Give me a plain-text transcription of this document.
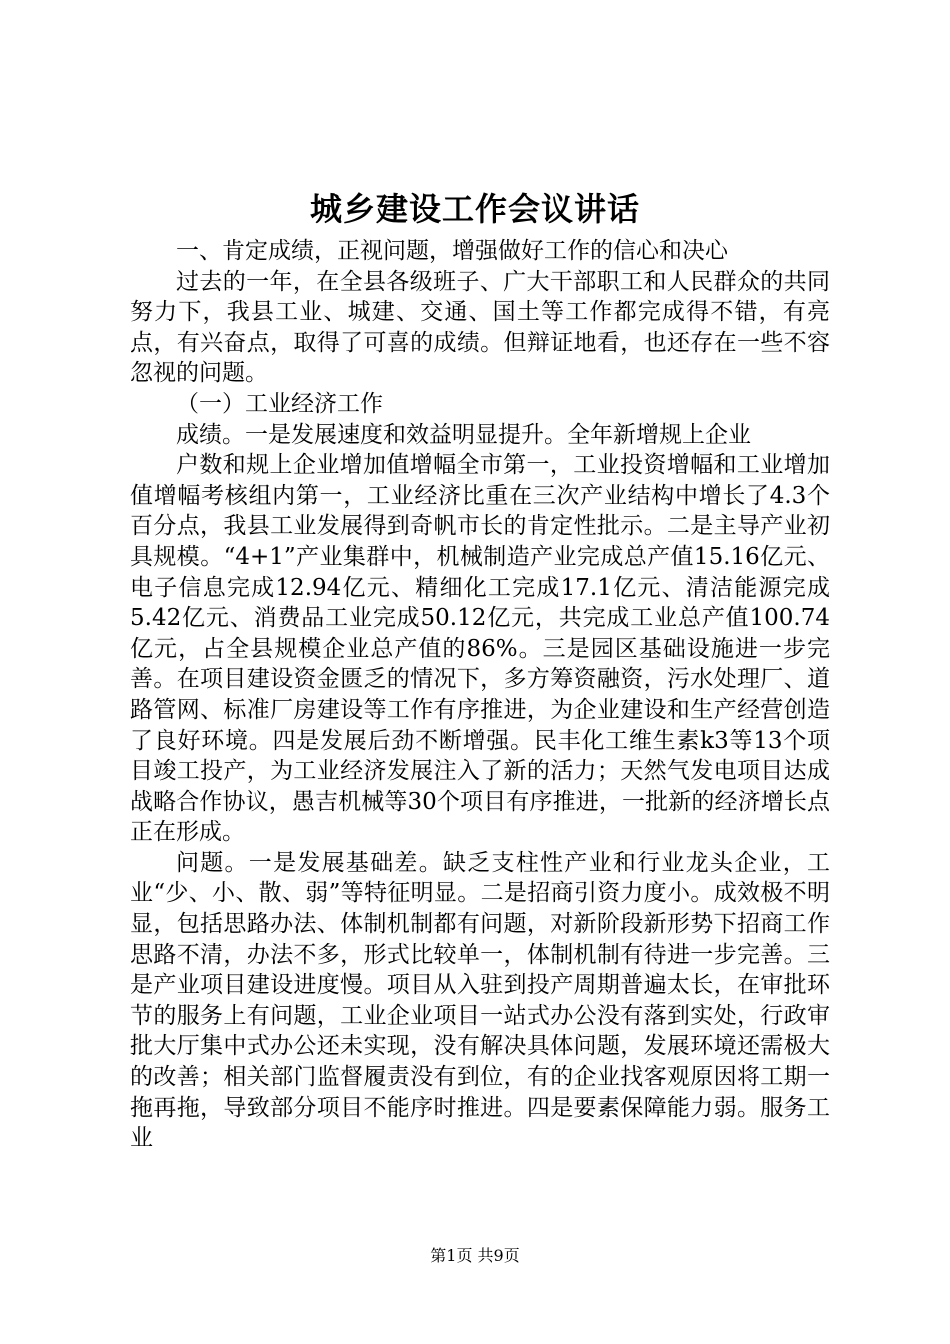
城乡建设工作会议讲话

一、肯定成绩，正视问题，增强做好工作的信心和决心

过去的一年，在全县各级班子、广大干部职工和人民群众的共同努力下，我县工业、城建、交通、国土等工作都完成得不错，有亮点，有兴奋点，取得了可喜的成绩。但辩证地看，也还存在一些不容忽视的问题。

（一）工业经济工作

成绩。一是发展速度和效益明显提升。全年新增规上企业

户数和规上企业增加值增幅全市第一，工业投资增幅和工业增加值增幅考核组内第一，工业经济比重在三次产业结构中增长了4.3个百分点，我县工业发展得到奇帆市长的肯定性批示。二是主导产业初具规模。“4+1”产业集群中，机械制造产业完成总产值15.16亿元、电子信息完成12.94亿元、精细化工完成17.1亿元、清洁能源完成5.42亿元、消费品工业完成50.12亿元，共完成工业总产值100.74亿元，占全县规模企业总产值的86%。三是园区基础设施进一步完善。在项目建设资金匮乏的情况下，多方筹资融资，污水处理厂、道路管网、标准厂房建设等工作有序推进，为企业建设和生产经营创造了良好环境。四是发展后劲不断增强。民丰化工维生素k3等13个项目竣工投产，为工业经济发展注入了新的活力；天然气发电项目达成战略合作协议，愚吉机械等30个项目有序推进，一批新的经济增长点正在形成。

问题。一是发展基础差。缺乏支柱性产业和行业龙头企业，工业“少、小、散、弱”等特征明显。二是招商引资力度小。成效极不明显，包括思路办法、体制机制都有问题，对新阶段新形势下招商工作思路不清，办法不多，形式比较单一，体制机制有待进一步完善。三是产业项目建设进度慢。项目从入驻到投产周期普遍太长，在审批环节的服务上有问题，工业企业项目一站式办公没有落到实处，行政审批大厅集中式办公还未实现，没有解决具体问题，发展环境还需极大的改善；相关部门监督履责没有到位，有的企业找客观原因将工期一拖再拖，导致部分项目不能序时推进。四是要素保障能力弱。服务工业

第1页 共9页
